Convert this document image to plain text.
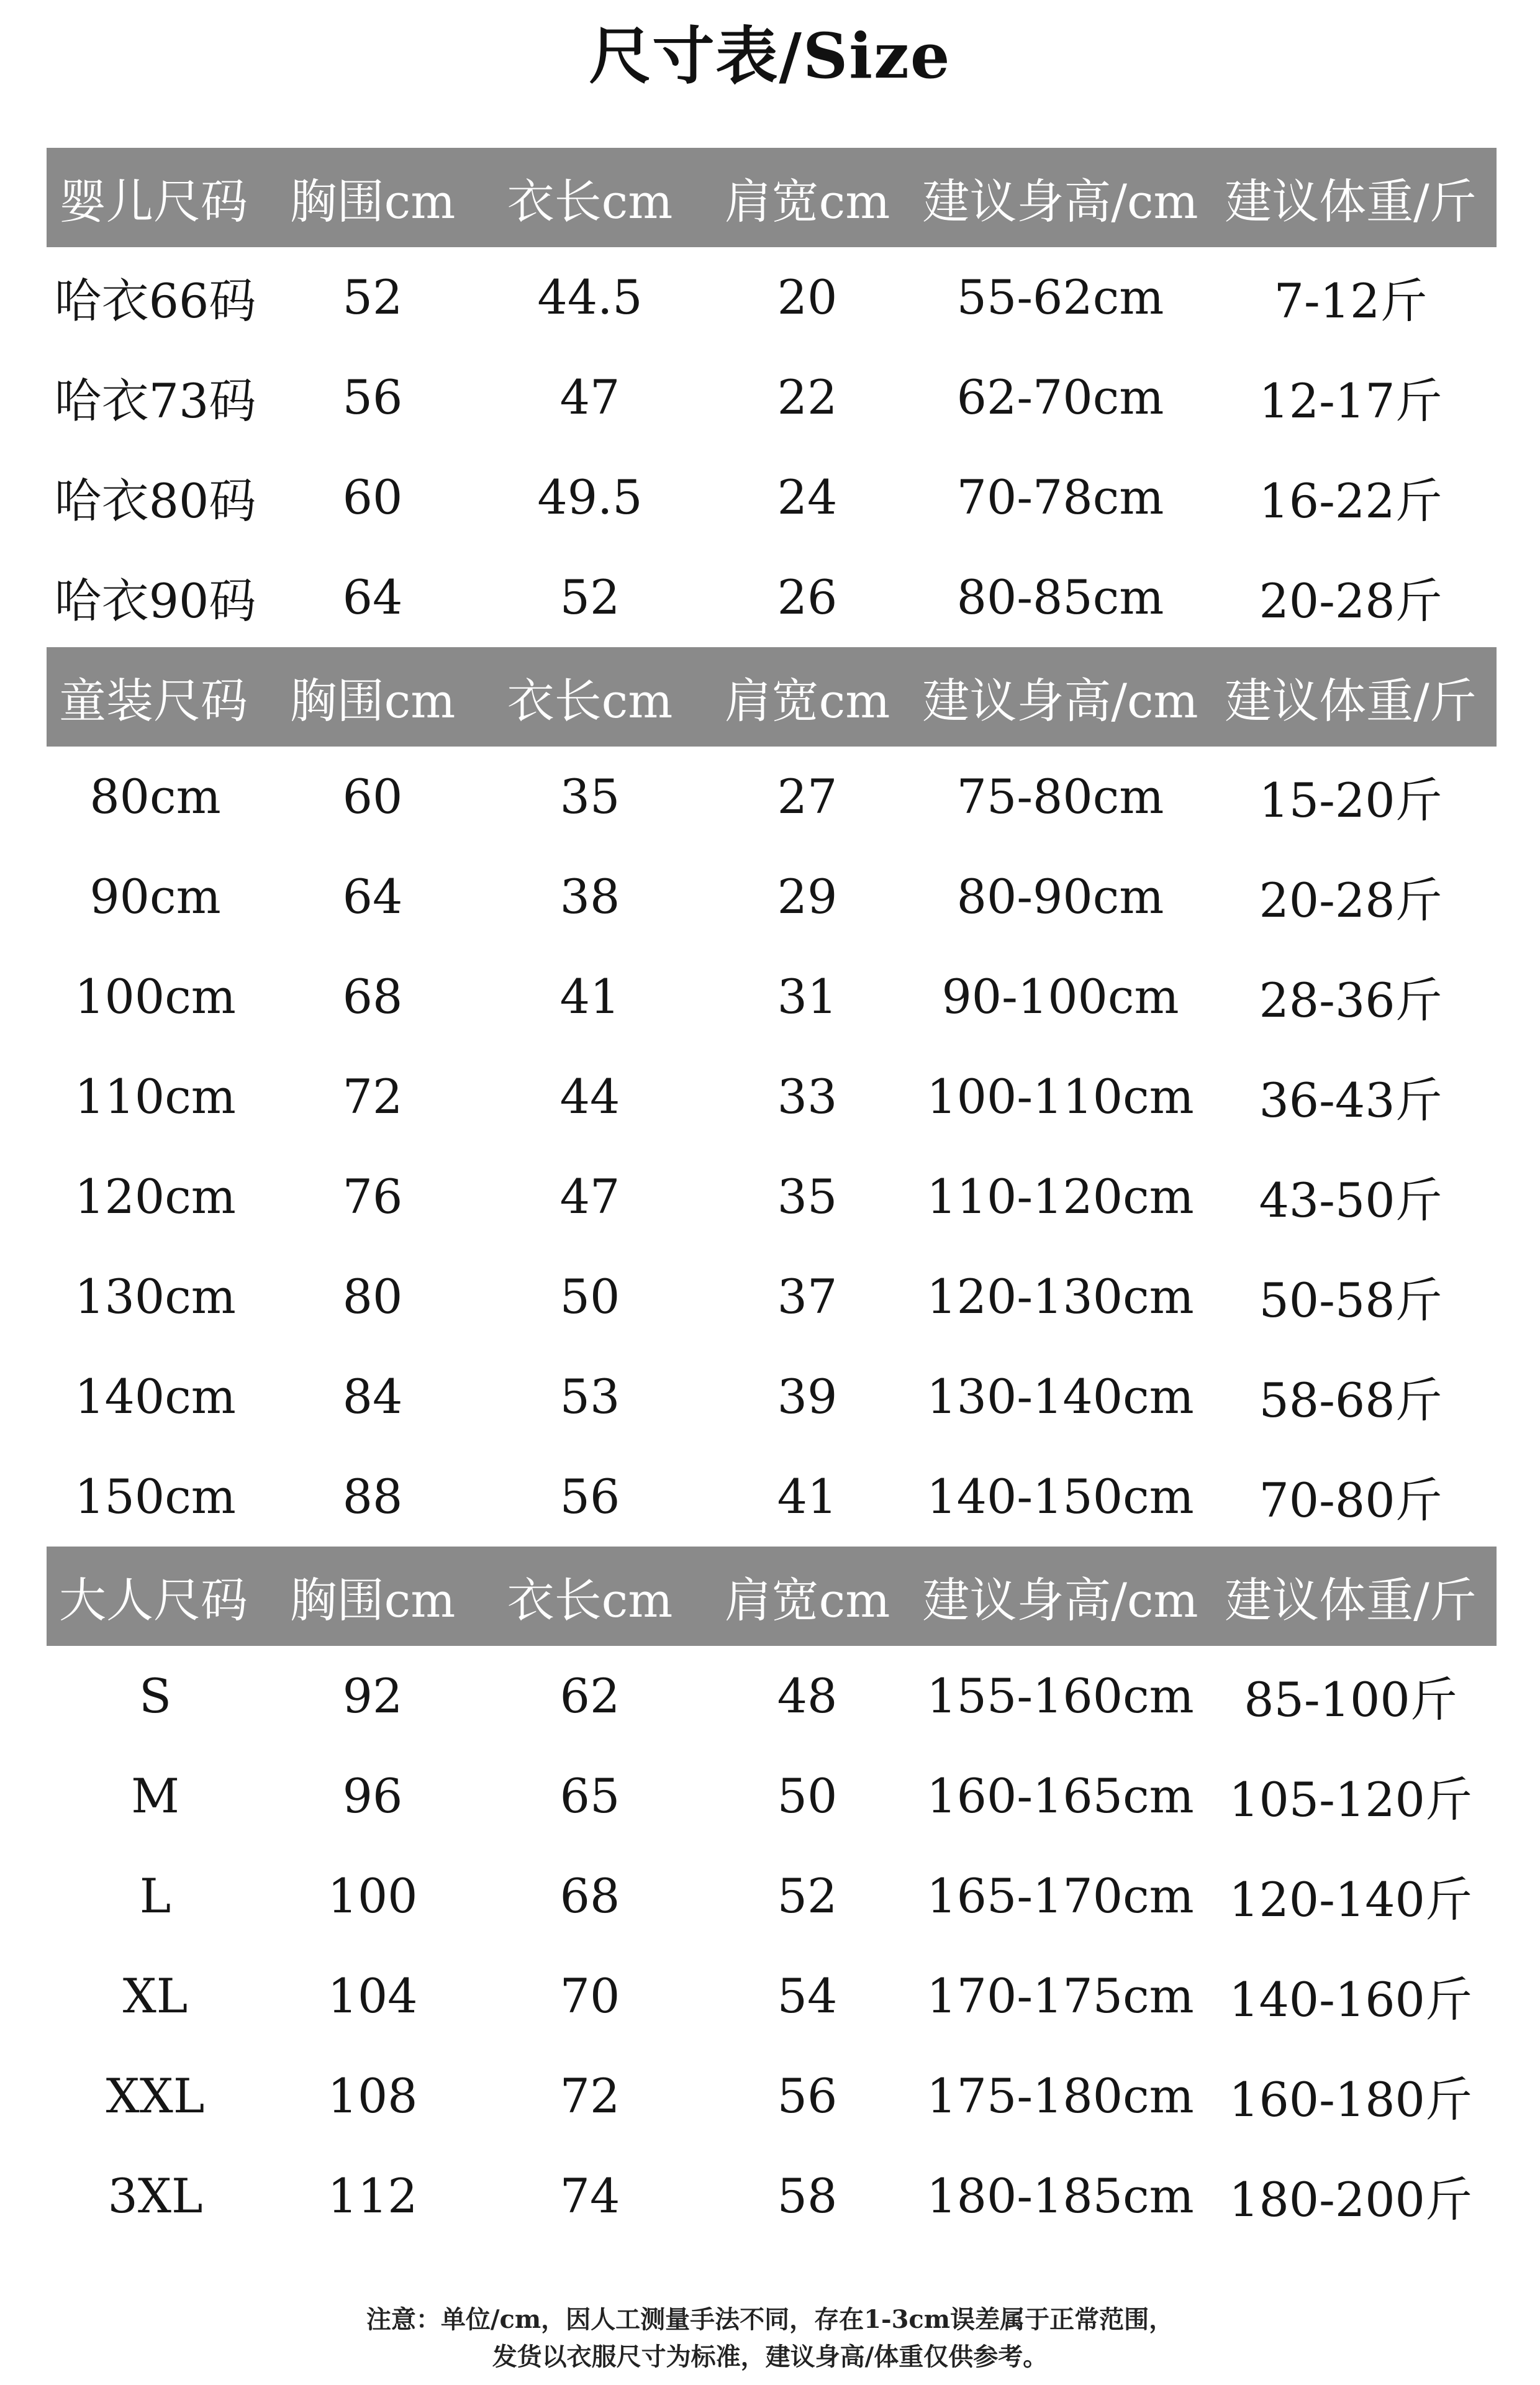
尺寸表/Size
婴儿尺码 胸围cm	衣长cm	肩宽cm 建议身高/cm 建议体重/斤
哈衣66码	52	44.5	20	55-62cm	7-12斤
哈衣73码	56	47	22	62-70cm	12-17斤
哈衣80码	60	49.5	24	70-78cm	16-22斤
哈衣90码	64	52	26	80-85cm	20-28斤
童装尺码 胸围cm	衣长cm	肩宽cm 建议身高/cm 建议体重/斤
80cm	60	35	27	75-80cm	15-20斤
90cm	64	38	29	80-90cm	20-28斤
100cm	68	41	31	90-100cm	28-36斤
110cm	72	44	33	100-110cm	36-43斤
120cm	76	47	35	110-120cm	43-50斤
130cm	80	50	37	120-130cm	50-58斤
140cm	84	53	39	130-140cm	58-68斤
150cm	88	56	41	140-150cm	70-80斤
大人尺码 胸围cm	衣长cm	肩宽cm 建议身高/cm 建议体重/斤
S	92	62	48	155-160cm	85-100斤
M	96	65	50	160-165cm 105-120斤
L	100	68	52	165-170cm 120-140斤
XL	104	70	54	170-175cm 140-160斤
XXL	108	72	56	175-180cm 160-180斤
3XL	112	74	58	180-185cm 180-200斤
注意：单位/cm，因人工测量手法不同，存在1-3cm误差属于正常范围，
发货以衣服尺寸为标准，建议身高/体重仅供参考。
